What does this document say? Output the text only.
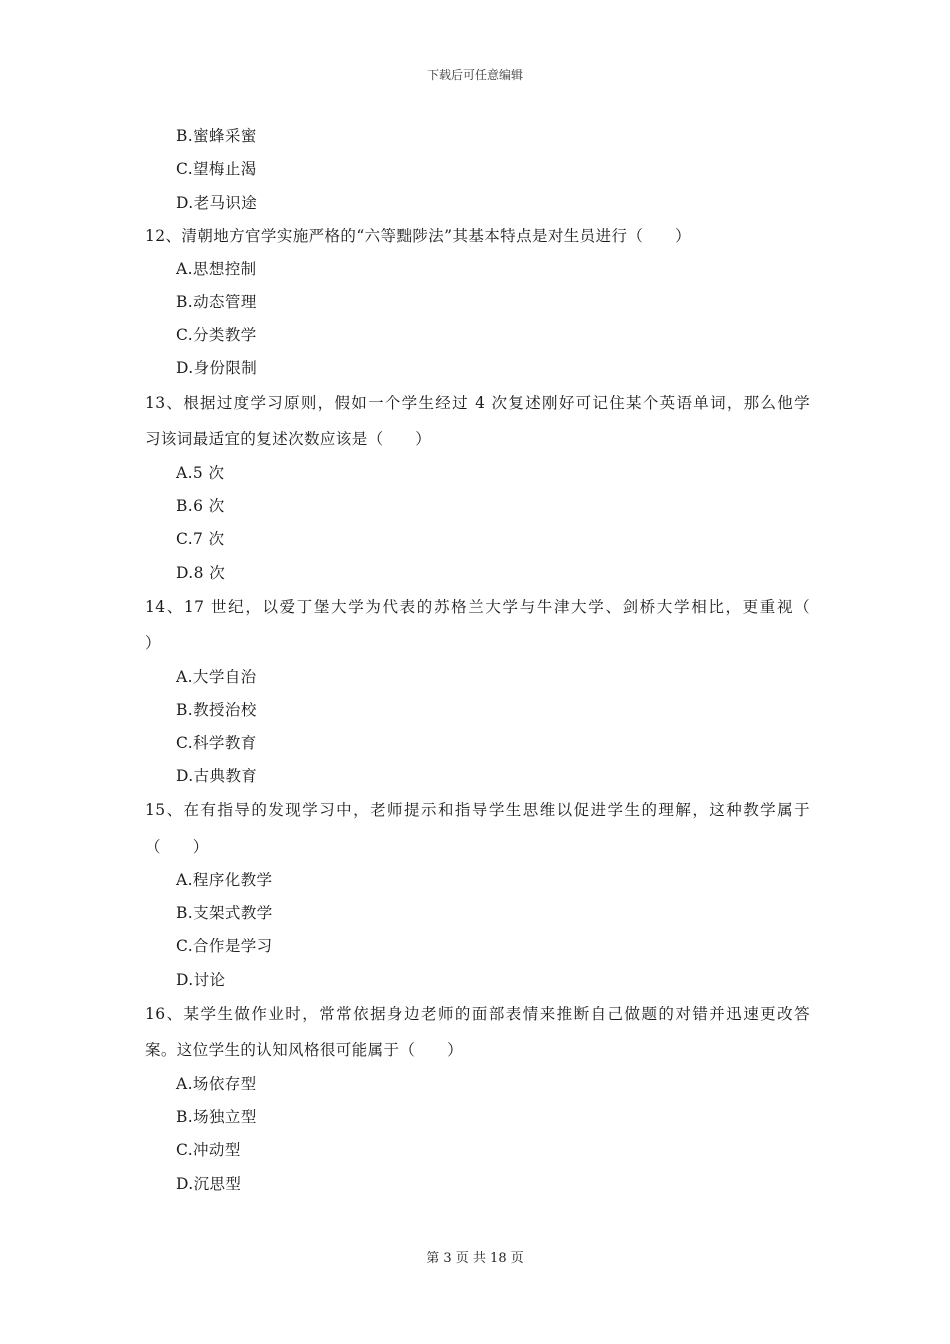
下载后可任意编辑
B.蜜蜂采蜜
C.望梅止渴
D.老马识途
12、清朝地方官学实施严格的“六等黜陟法”其基本特点是对生员进行（　　）
A.思想控制
B.动态管理
C.分类教学
D.身份限制
13、根据过度学习原则，假如一个学生经过 4 次复述刚好可记住某个英语单词，那么他学
习该词最适宜的复述次数应该是（　　）
A.5 次
B.6 次
C.7 次
D.8 次
14、17 世纪，以爱丁堡大学为代表的苏格兰大学与牛津大学、剑桥大学相比，更重视（
）
A.大学自治
B.教授治校
C.科学教育
D.古典教育
15、在有指导的发现学习中，老师提示和指导学生思维以促进学生的理解，这种教学属于
（　　）
A.程序化教学
B.支架式教学
C.合作是学习
D.讨论
16、某学生做作业时，常常依据身边老师的面部表情来推断自己做题的对错并迅速更改答
案。这位学生的认知风格很可能属于（　　）
A.场依存型
B.场独立型
C.冲动型
D.沉思型
第 3 页 共 18 页
